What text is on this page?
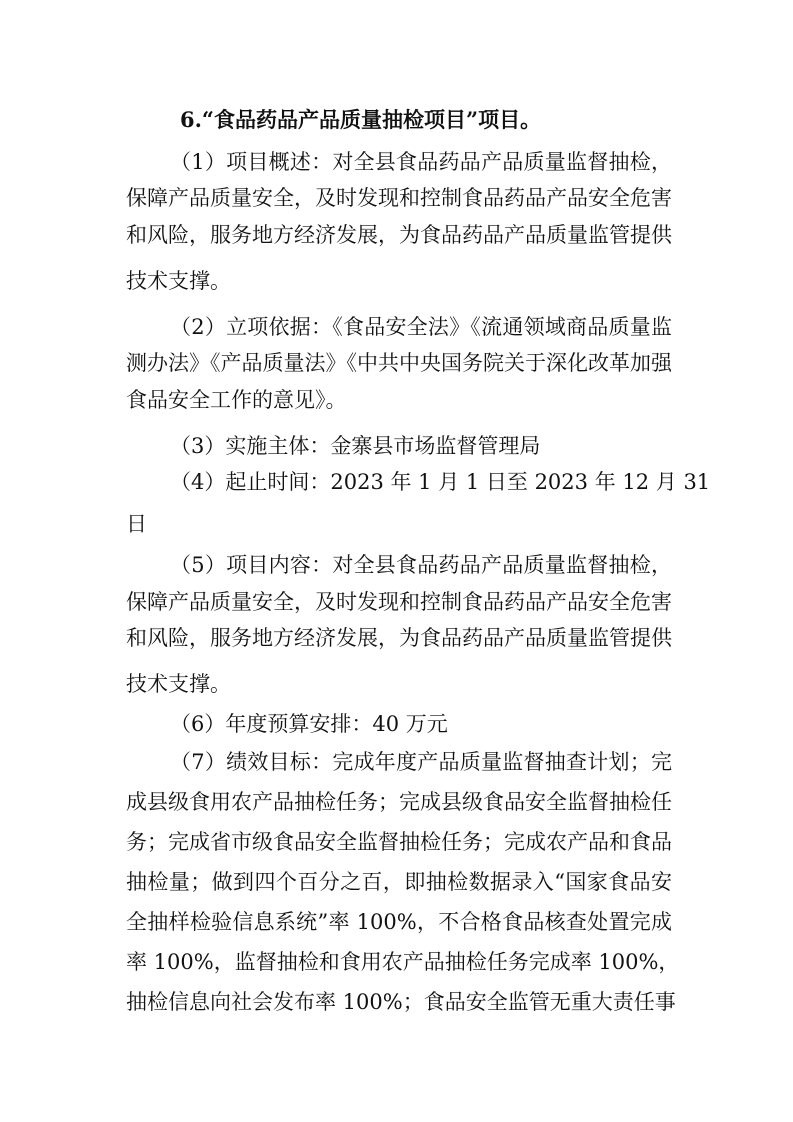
6.“食品药品产品质量抽检项目”项目。
（1）项目概述：对全县食品药品产品质量监督抽检，
保障产品质量安全，及时发现和控制食品药品产品安全危害
和风险，服务地方经济发展，为食品药品产品质量监管提供
技术支撑。
（2）立项依据：《食品安全法》《流通领域商品质量监
测办法》《产品质量法》《中共中央国务院关于深化改革加强
食品安全工作的意见》。
（3）实施主体：金寨县市场监督管理局
（4）起止时间：2023 年 1 月 1 日至 2023 年 12 月 31
日
（5）项目内容：对全县食品药品产品质量监督抽检，
保障产品质量安全，及时发现和控制食品药品产品安全危害
和风险，服务地方经济发展，为食品药品产品质量监管提供
技术支撑。
（6）年度预算安排：40 万元
（7）绩效目标：完成年度产品质量监督抽查计划；完
成县级食用农产品抽检任务；完成县级食品安全监督抽检任
务；完成省市级食品安全监督抽检任务；完成农产品和食品
抽检量；做到四个百分之百，即抽检数据录入“国家食品安
全抽样检验信息系统”率 100%，不合格食品核查处置完成
率 100%，监督抽检和食用农产品抽检任务完成率 100%，
抽检信息向社会发布率 100%；食品安全监管无重大责任事
